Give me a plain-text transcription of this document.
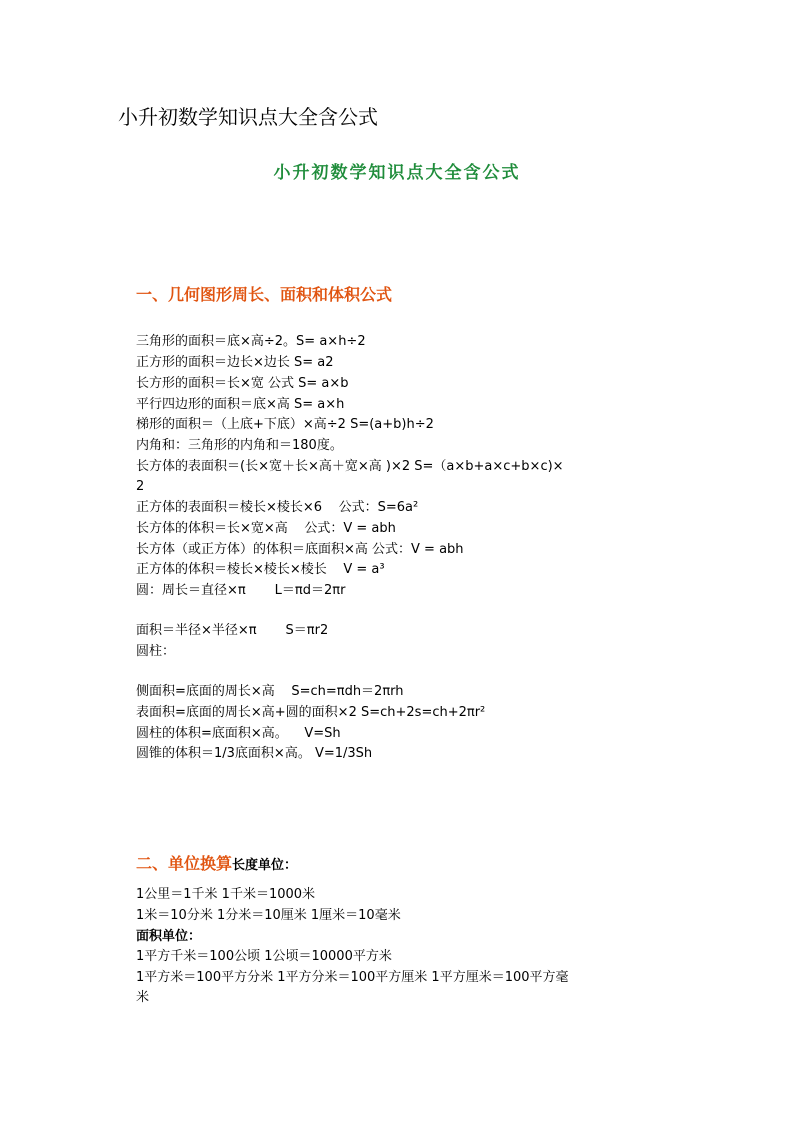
小升初数学知识点大全含公式
小升初数学知识点大全含公式
一、几何图形周长、面积和体积公式
三角形的面积＝底×高÷2。S= a×h÷2
正方形的面积＝边长×边长 S= a2
长方形的面积＝长×宽 公式 S= a×b
平行四边形的面积＝底×高 S= a×h
梯形的面积＝（上底+下底）×高÷2 S=(a+b)h÷2
内角和：三角形的内角和＝180度。
长方体的表面积＝(长×宽＋长×高＋宽×高 )×2 S=（a×b+a×c+b×c)×
2
正方体的表面积＝棱长×棱长×6    公式：S=6a²
长方体的体积＝长×宽×高    公式：V = abh
长方体（或正方体）的体积＝底面积×高 公式：V = abh
正方体的体积＝棱长×棱长×棱长    V = a³
圆：周长＝直径×π       L＝πd＝2πr
面积＝半径×半径×π       S＝πr2
圆柱：
侧面积=底面的周长×高    S=ch=πdh＝2πrh
表面积=底面的周长×高+圆的面积×2 S=ch+2s=ch+2πr²
圆柱的体积=底面积×高。    V=Sh
圆锥的体积＝1/3底面积×高。 V=1/3Sh
二、单位换算长度单位：
1公里＝1千米 1千米＝1000米
1米＝10分米 1分米＝10厘米 1厘米＝10毫米
面积单位：
1平方千米＝100公顷 1公顷＝10000平方米
1平方米＝100平方分米 1平方分米＝100平方厘米 1平方厘米＝100平方毫
米
